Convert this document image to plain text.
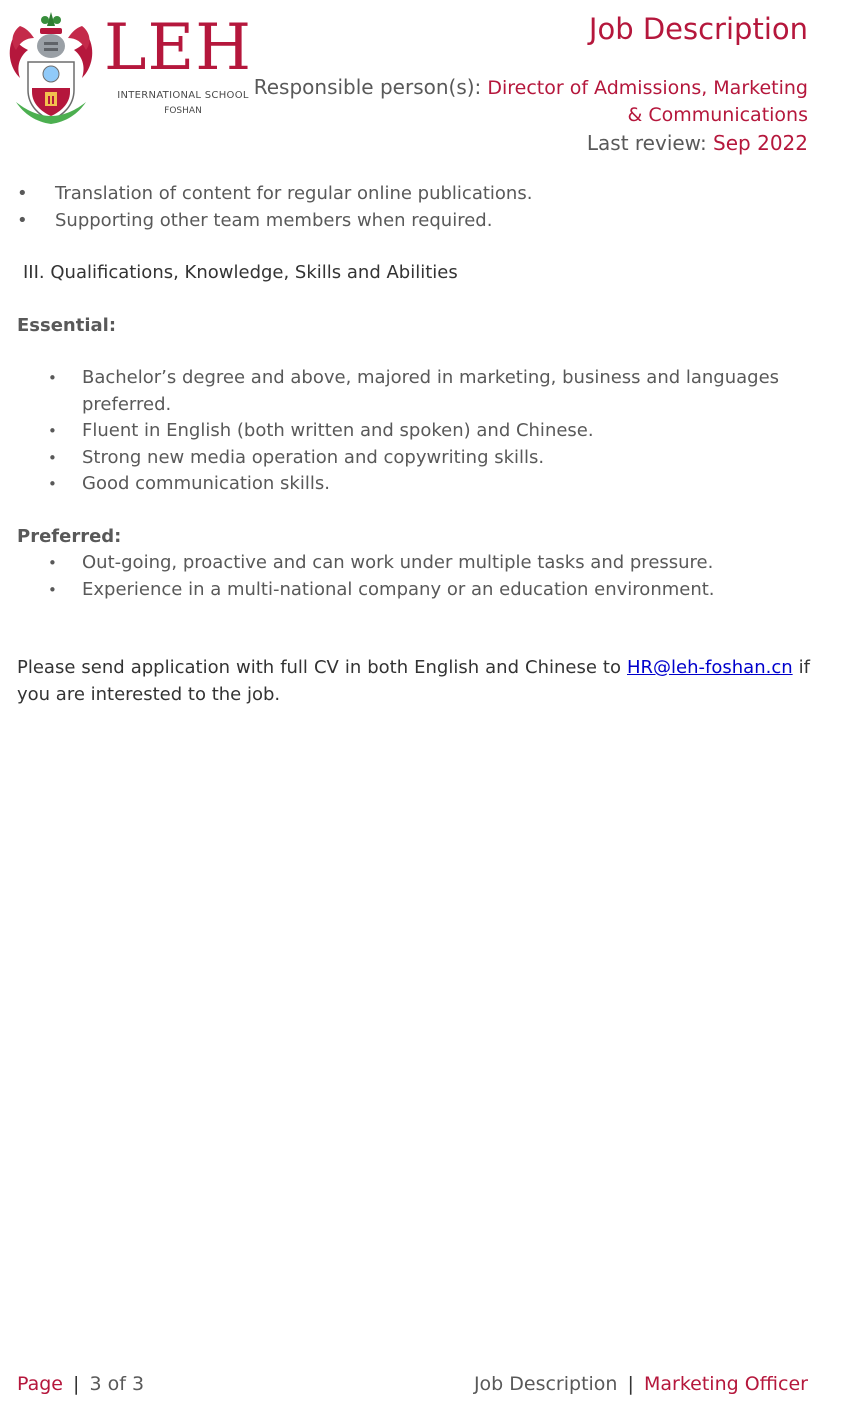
LEH
INTERNATIONAL SCHOOL
FOSHAN
Job Description
Responsible person(s): Director of Admissions, Marketing & Communications
Last review: Sep 2022
• Translation of content for regular online publications.
• Supporting other team members when required.
III. Qualifications, Knowledge, Skills and Abilities
Essential:
• Bachelor’s degree and above, majored in marketing, business and languages preferred.
• Fluent in English (both written and spoken) and Chinese.
• Strong new media operation and copywriting skills.
• Good communication skills.
Preferred:
• Out-going, proactive and can work under multiple tasks and pressure.
• Experience in a multi-national company or an education environment.
Please send application with full CV in both English and Chinese to HR@leh-foshan.cn if you are interested to the job.
Page | 3 of 3	Job Description | Marketing Officer
